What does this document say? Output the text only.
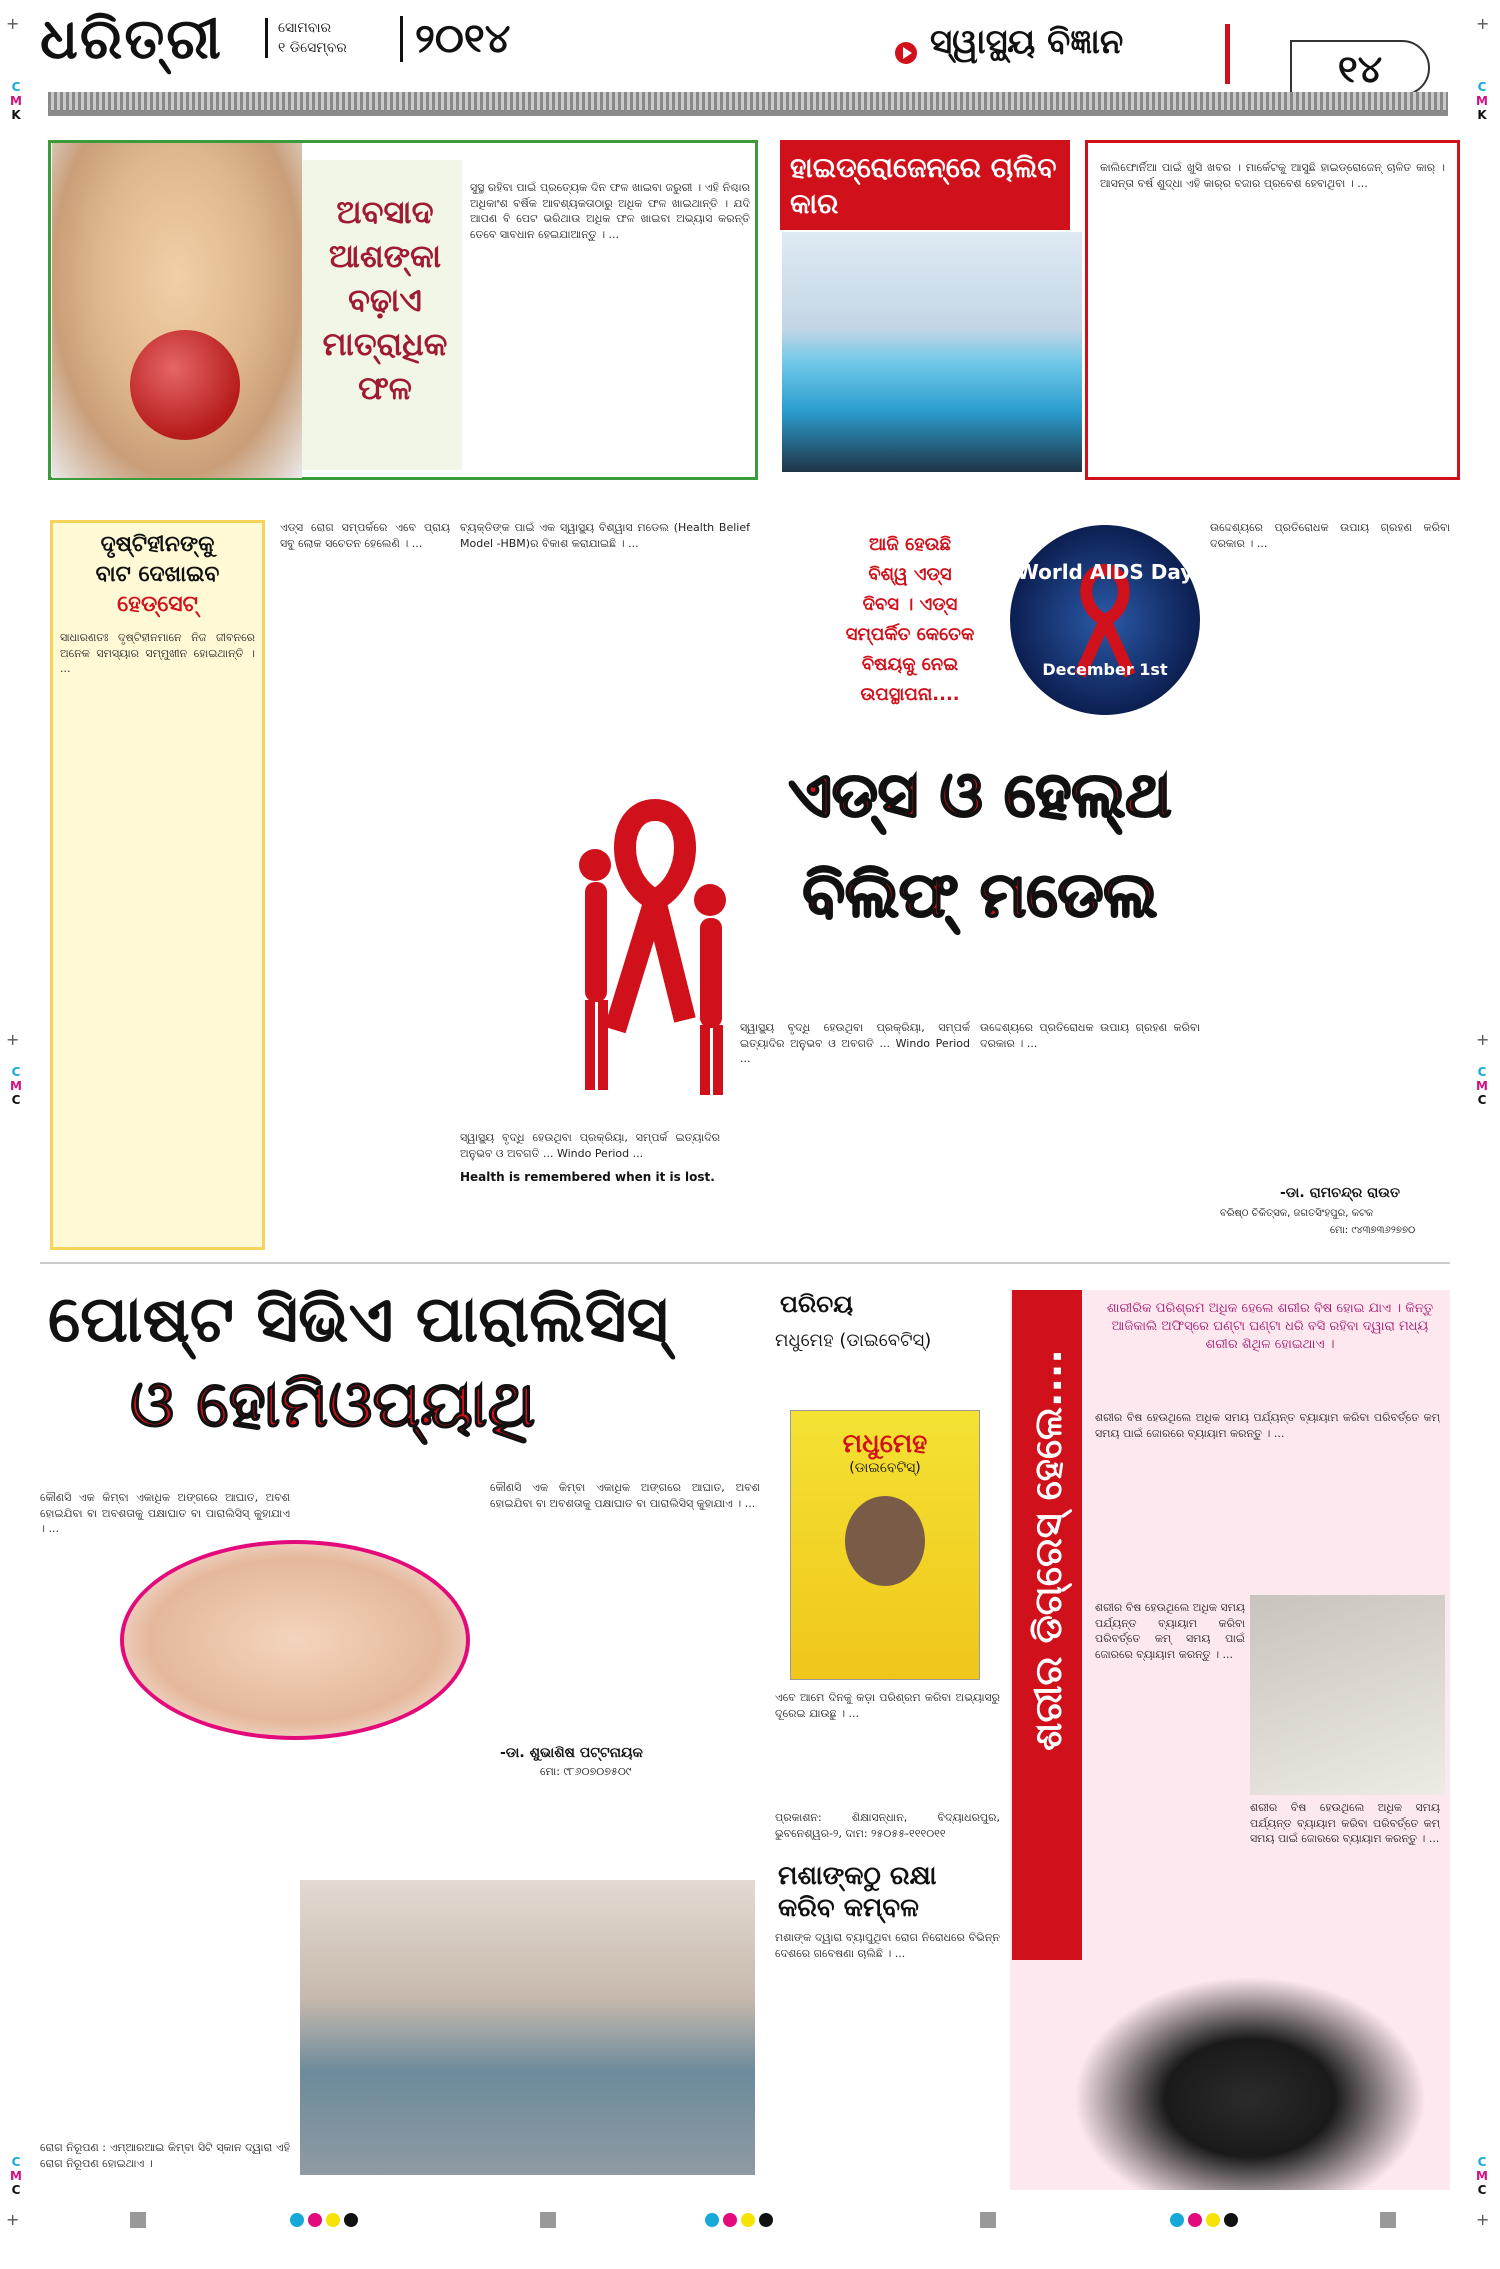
+	+
C
M
K
C
M
K
+	+
C
M
C
C
M
C
+	+
C
M
C
C
M
C
ଧରିତ୍ରୀ	ସୋମବାର
୧ ଡିସେମ୍ବର	୨୦୧୪	ସ୍ୱାସ୍ଥ୍ୟ ବିଜ୍ଞାନ
୧୪
ଅବସାଦ
ଆଶଙ୍କା
ବଢ଼ାଏ
ମାତ୍ରାଧିକ
ଫଳ
ସୁସ୍ଥ ରହିବା ପାଇଁ ପ୍ରତ୍ୟେକ ଦିନ ଫଳ ଖାଇବା ଜରୁରୀ । ଏହି ନିଶ୍ଚାର ଅଧିକାଂଶ ବର୍ଷିକ ଆବଶ୍ୟକତାଠାରୁ ଅଧିକ ଫଳ ଖାଇଥାନ୍ତି । ଯଦି ଆପଣ ବି ପେଟ ଭରିଥାଉ ଅଧିକ ଫଳ ଖାଇବା ଅଭ୍ୟାସ କରନ୍ତି ତେବେ ସାବଧାନ ହେଇଯାଆନ୍ତୁ । ...
ହାଇଡ୍ରୋଜେନ୍‌ରେ ଚାଲିବ କାର
କାଲିଫୋର୍ନିଆ ପାଇଁ ଖୁସି ଖବର । ମାର୍କେଟକୁ ଆସୁଛି ହାଇଡ୍ରୋଜେନ୍ ଚାଳିତ କାର୍ । ଆସନ୍ତା ବର୍ଷ ଶୁଦ୍ଧା ଏହି କାର୍‌ର ବଜାର ପ୍ରବେଶ ହେବାଥିବା । ...
ଦୃଷ୍ଟିହୀନଙ୍କୁ
ବାଟ ଦେଖାଇବ
ହେଡ୍‌ସେଟ୍
ସାଧାରଣତଃ ଦୃଷ୍ଟିହୀନମାନେ ନିଜ ଜୀବନରେ ଅନେକ ସମସ୍ୟାର ସମ୍ମୁଖୀନ ହୋଇଥାନ୍ତି । ...
ଏଡ୍‌ସ ରୋଗ ସମ୍ପର୍କରେ ଏବେ ପ୍ରାୟ ସବୁ ଲୋକ ସଚେତନ ହେଲେଣି । ...
ବ୍ୟକ୍ତିଙ୍କ ପାଇଁ ଏକ ସ୍ୱାସ୍ଥ୍ୟ ବିଶ୍ୱାସ ମଡେଲ (Health Belief Model -HBM)ର ବିକାଶ କରାଯାଇଛି । ...	ଆଜି ହେଉଛି
ବିଶ୍ୱ ଏଡ୍‌ସ
ଦିବସ । ଏଡ୍‌ସ
ସମ୍ପର୍କିତ କେତେକ
ବିଷୟକୁ ନେଇ
ଉପସ୍ଥାପନା....
World AIDS Day
December 1st
ଏଡ୍‌ସ ଓ ହେଲ୍‌ଥ
ବିଲିଫ୍ ମଡେଲ
ସ୍ୱାସ୍ଥ୍ୟ ବୃଦ୍ଧି ହେଉଥିବା ପ୍ରକ୍ରିୟା, ସମ୍ପର୍କ ଇତ୍ୟାଦିର ଅନୁଭବ ଓ ଅବଗତି ... Windo Period ...
Health is remembered when it is lost.
ସ୍ୱାସ୍ଥ୍ୟ ବୃଦ୍ଧି ହେଉଥିବା ପ୍ରକ୍ରିୟା, ସମ୍ପର୍କ ଇତ୍ୟାଦିର ଅନୁଭବ ଓ ଅବଗତି ... Windo Period ...
ଉଦ୍ଦେଶ୍ୟରେ ପ୍ରତିରୋଧକ ଉପାୟ ଗ୍ରହଣ କରିବା ଦରକାର । ...
ଉଦ୍ଦେଶ୍ୟରେ ପ୍ରତିରୋଧକ ଉପାୟ ଗ୍ରହଣ କରିବା ଦରକାର । ...
-ଡା. ରାମଚନ୍ଦ୍ର ରାଉତ
ବରିଷ୍ଠ ଚିକିତ୍ସକ, ଜଗତସିଂହପୁର, କଟକ
ମୋ: ୯୪୩୭୩୬୨୭୭୦
ପୋଷ୍ଟ ସିଭିଏ ପାରାଲିସିସ୍
ଓ ହୋମିଓପ୍ୟାଥି
କୌଣସି ଏକ କିମ୍ବା ଏକାଧିକ ଅଙ୍ଗରେ ଆଘାତ, ଅବଶ ହୋଇଯିବା ବା ଅବଶତାକୁ ପକ୍ଷାଘାତ ବା ପାରାଲିସିସ୍ କୁହାଯାଏ । ...
କୌଣସି ଏକ କିମ୍ବା ଏକାଧିକ ଅଙ୍ଗରେ ଆଘାତ, ଅବଶ ହୋଇଯିବା ବା ଅବଶତାକୁ ପକ୍ଷାଘାତ ବା ପାରାଲିସିସ୍ କୁହାଯାଏ । ...
-ଡା. ଶୁଭାଶିଷ ପଟ୍ଟନାୟକ
ମୋ: ୯୮୬୦୭୦୭୫୦୯
ରୋଗ ନିରୂପଣ : ଏମ୍‌ଆରଆଇ କିମ୍ବା ସିଟି ସ୍କାନ ଦ୍ୱାରା ଏହି ରୋଗ ନିରୂପଣ ହୋଇଥାଏ ।
ପରିଚୟ
ମଧୁମେହ (ଡାଇବେଟିସ୍)
ମଧୁମେହ
(ଡାଇବେଟିସ୍)
ଏବେ ଆମେ ଦିନକୁ କଡ଼ା ପରିଶ୍ରମ କରିବା ଅଭ୍ୟାସରୁ ଦୂରେଇ ଯାଉଛୁ । ...
ପ୍ରକାଶନ: ଶିକ୍ଷାସନ୍ଧାନ, ବିଦ୍ୟାଧରପୁର, ଭୁବନେଶ୍ୱର-୨, ଦାମ: ୨୫୦୫୫-୧୧୧୦୧୧
ମଶାଙ୍କଠୁ ରକ୍ଷା କରିବ କମ୍ବଳ
ମଶାଙ୍କ ଦ୍ୱାରା ବ୍ୟାପୁଥିବା ରୋଗ ନିରୋଧରେ ବିଭିନ୍ନ ଦେଶରେ ଗବେଷଣା ଚାଲିଛି । ...
ଶରୀର ଡିଗ୍ରେସ୍ ହେଲେ....
ଶାରୀରିକ ପରିଶ୍ରମ ଅଧିକ ହେଲେ ଶରୀର ବିଷ ହୋଇ ଯାଏ । କିନ୍ତୁ ଆଜିକାଲି ଅଫିସ୍‌ରେ ଘଣ୍ଟା ଘଣ୍ଟା ଧରି ବସି ରହିବା ଦ୍ୱାରା ମଧ୍ୟ ଶରୀର ଶିଥିଳ ହୋଇଥାଏ ।
ଶରୀର ବିଷ ହେଉଥିଲେ ଅଧିକ ସମୟ ପର୍ଯ୍ୟନ୍ତ ବ୍ୟାୟାମ କରିବା ପରିବର୍ତ୍ତେ କମ୍ ସମୟ ପାଇଁ ଜୋରରେ ବ୍ୟାୟାମ କରନ୍ତୁ । ...
ଶରୀର ବିଷ ହେଉଥିଲେ ଅଧିକ ସମୟ ପର୍ଯ୍ୟନ୍ତ ବ୍ୟାୟାମ କରିବା ପରିବର୍ତ୍ତେ କମ୍ ସମୟ ପାଇଁ ଜୋରରେ ବ୍ୟାୟାମ କରନ୍ତୁ । ...
ଶରୀର ବିଷ ହେଉଥିଲେ ଅଧିକ ସମୟ ପର୍ଯ୍ୟନ୍ତ ବ୍ୟାୟାମ କରିବା ପରିବର୍ତ୍ତେ କମ୍ ସମୟ ପାଇଁ ଜୋରରେ ବ୍ୟାୟାମ କରନ୍ତୁ । ...
